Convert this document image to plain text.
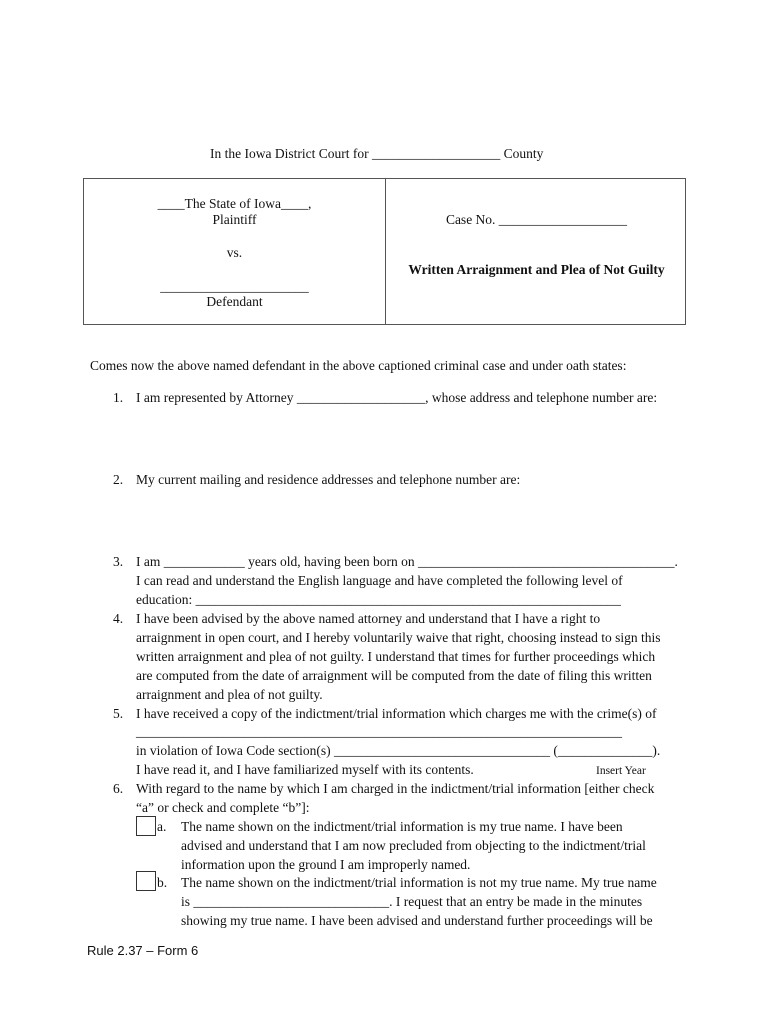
In the Iowa District Court for ___________________ County
____The State of Iowa____,
Plaintiff
vs.
______________________
Defendant
Case No. ___________________
Written Arraignment and Plea of Not Guilty
Comes now the above named defendant in the above captioned criminal case and under oath states:
1. I am represented by Attorney ___________________, whose address and telephone number are:
2. My current mailing and residence addresses and telephone number are:
3. I am ____________ years old, having been born on ______________________________________.
I can read and understand the English language and have completed the following level of
education: _______________________________________________________________
4. I have been advised by the above named attorney and understand that I have a right to
arraignment in open court, and I hereby voluntarily waive that right, choosing instead to sign this
written arraignment and plea of not guilty. I understand that times for further proceedings which
are computed from the date of arraignment will be computed from the date of filing this written
arraignment and plea of not guilty.
5. I have received a copy of the indictment/trial information which charges me with the crime(s) of
________________________________________________________________________
in violation of Iowa Code section(s) ________________________________ (______________).
I have read it, and I have familiarized myself with its contents.	Insert Year
6. With regard to the name by which I am charged in the indictment/trial information [either check
“a” or check and complete “b”]:
a. The name shown on the indictment/trial information is my true name. I have been
advised and understand that I am now precluded from objecting to the indictment/trial
information upon the ground I am improperly named.
b. The name shown on the indictment/trial information is not my true name. My true name
is _____________________________. I request that an entry be made in the minutes
showing my true name. I have been advised and understand further proceedings will be
Rule 2.37 – Form 6
